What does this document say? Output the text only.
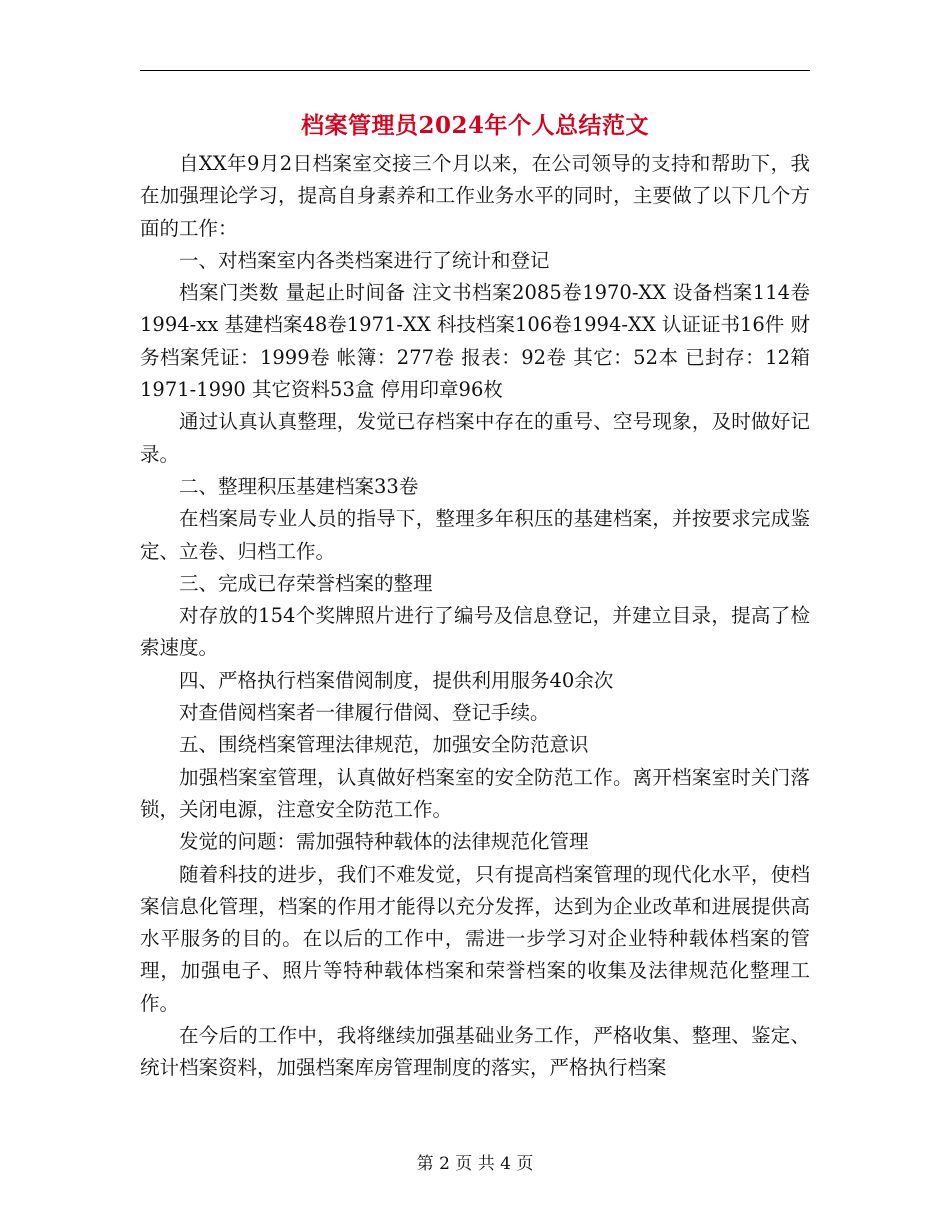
档案管理员2024年个人总结范文

自XX年9月2日档案室交接三个月以来，在公司领导的支持和帮助下，我在加强理论学习，提高自身素养和工作业务水平的同时，主要做了以下几个方面的工作：

一、对档案室内各类档案进行了统计和登记

档案门类数 量起止时间备 注文书档案2085卷1970-XX 设备档案114卷1994-xx 基建档案48卷1971-XX 科技档案106卷1994-XX 认证证书16件 财务档案凭证：1999卷 帐簿：277卷 报表：92卷 其它：52本 已封存：12箱1971-1990 其它资料53盒 停用印章96枚

通过认真认真整理，发觉已存档案中存在的重号、空号现象，及时做好记录。

二、整理积压基建档案33卷

在档案局专业人员的指导下，整理多年积压的基建档案，并按要求完成鉴定、立卷、归档工作。

三、完成已存荣誉档案的整理

对存放的154个奖牌照片进行了编号及信息登记，并建立目录，提高了检索速度。

四、严格执行档案借阅制度，提供利用服务40余次

对查借阅档案者一律履行借阅、登记手续。

五、围绕档案管理法律规范，加强安全防范意识

加强档案室管理，认真做好档案室的安全防范工作。离开档案室时关门落锁，关闭电源，注意安全防范工作。

发觉的问题：需加强特种载体的法律规范化管理

随着科技的进步，我们不难发觉，只有提高档案管理的现代化水平，使档案信息化管理，档案的作用才能得以充分发挥，达到为企业改革和进展提供高水平服务的目的。在以后的工作中，需进一步学习对企业特种载体档案的管理，加强电子、照片等特种载体档案和荣誉档案的收集及法律规范化整理工作。

在今后的工作中，我将继续加强基础业务工作，严格收集、整理、鉴定、统计档案资料，加强档案库房管理制度的落实，严格执行档案

第 2 页 共 4 页
